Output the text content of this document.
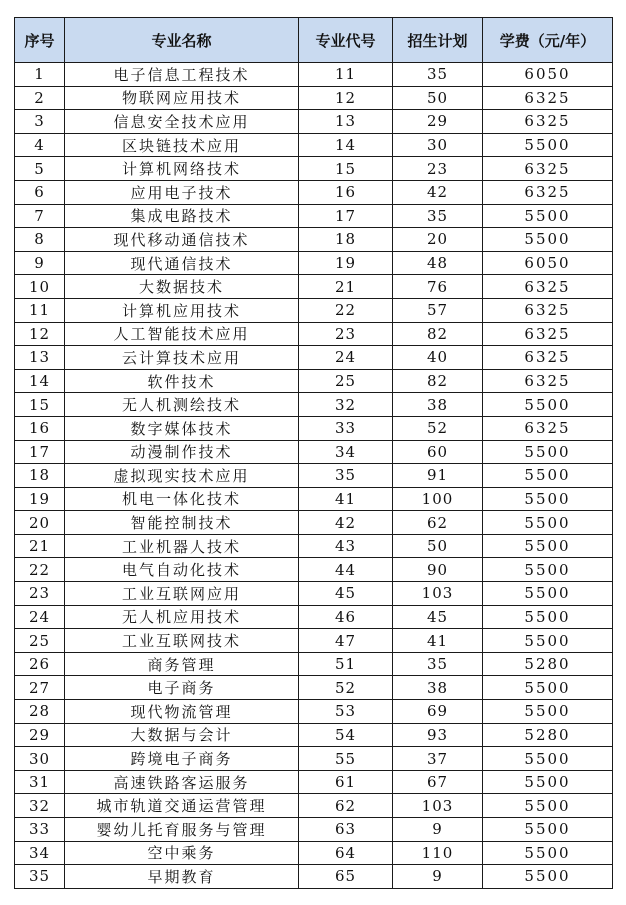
序号	专业名称	专业代号	招生计划	学费（元/年）
1	电子信息工程技术	11	35	6050
2	物联网应用技术	12	50	6325
3	信息安全技术应用	13	29	6325
4	区块链技术应用	14	30	5500
5	计算机网络技术	15	23	6325
6	应用电子技术	16	42	6325
7	集成电路技术	17	35	5500
8	现代移动通信技术	18	20	5500
9	现代通信技术	19	48	6050
10	大数据技术	21	76	6325
11	计算机应用技术	22	57	6325
12	人工智能技术应用	23	82	6325
13	云计算技术应用	24	40	6325
14	软件技术	25	82	6325
15	无人机测绘技术	32	38	5500
16	数字媒体技术	33	52	6325
17	动漫制作技术	34	60	5500
18	虚拟现实技术应用	35	91	5500
19	机电一体化技术	41	100	5500
20	智能控制技术	42	62	5500
21	工业机器人技术	43	50	5500
22	电气自动化技术	44	90	5500
23	工业互联网应用	45	103	5500
24	无人机应用技术	46	45	5500
25	工业互联网技术	47	41	5500
26	商务管理	51	35	5280
27	电子商务	52	38	5500
28	现代物流管理	53	69	5500
29	大数据与会计	54	93	5280
30	跨境电子商务	55	37	5500
31	高速铁路客运服务	61	67	5500
32	城市轨道交通运营管理	62	103	5500
33	婴幼儿托育服务与管理	63	9	5500
34	空中乘务	64	110	5500
35	早期教育	65	9	5500
